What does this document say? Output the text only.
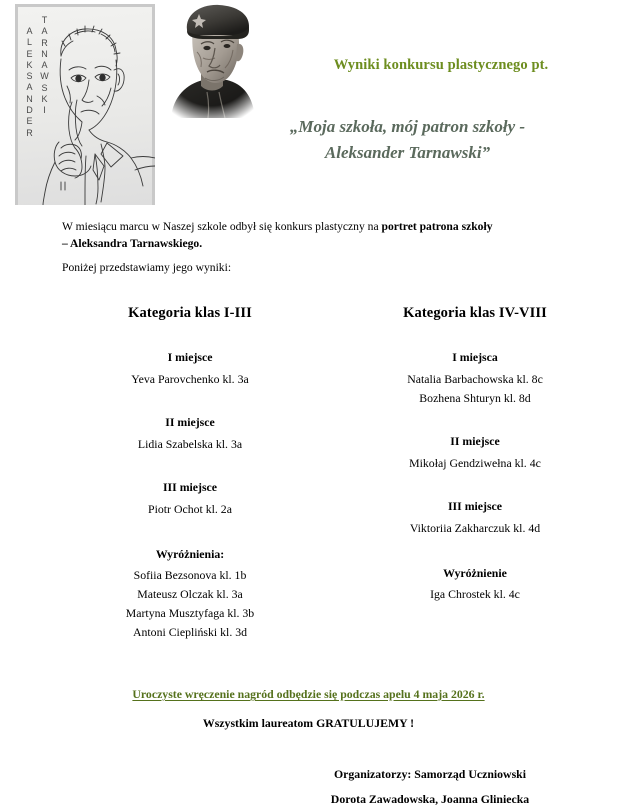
A
L
E
K
S
A
N
D
E
R
T
A
R
N
A
W
S
K
I
Wyniki konkursu plastycznego pt.
„Moja szkoła, mój patron szkoły -
Aleksander Tarnawski”
W miesiącu marcu w Naszej szkole odbył się konkurs plastyczny na portret patrona szkoły
– Aleksandra Tarnawskiego.
Poniżej przedstawiamy jego wyniki:
Kategoria klas I-III
I miejsce
Yeva Parovchenko kl. 3a
II miejsce
Lidia Szabelska kl. 3a
III miejsce
Piotr Ochot kl. 2a
Wyróżnienia:
Sofiia Bezsonova kl. 1b
Mateusz Olczak kl. 3a
Martyna Musztyfaga kl. 3b
Antoni Ciepliński kl. 3d
Kategoria klas IV-VIII
I miejsca
Natalia Barbachowska kl. 8c
Bozhena Shturyn kl. 8d
II miejsce
Mikołaj Gendziwełna kl. 4c
III miejsce
Viktoriia Zakharczuk kl. 4d
Wyróżnienie
Iga Chrostek kl. 4c
Uroczyste wręczenie nagród odbędzie się podczas apelu 4 maja 2026 r.
Wszystkim laureatom GRATULUJEMY !
Organizatorzy: Samorząd Uczniowski
Dorota Zawadowska, Joanna Gliniecka
